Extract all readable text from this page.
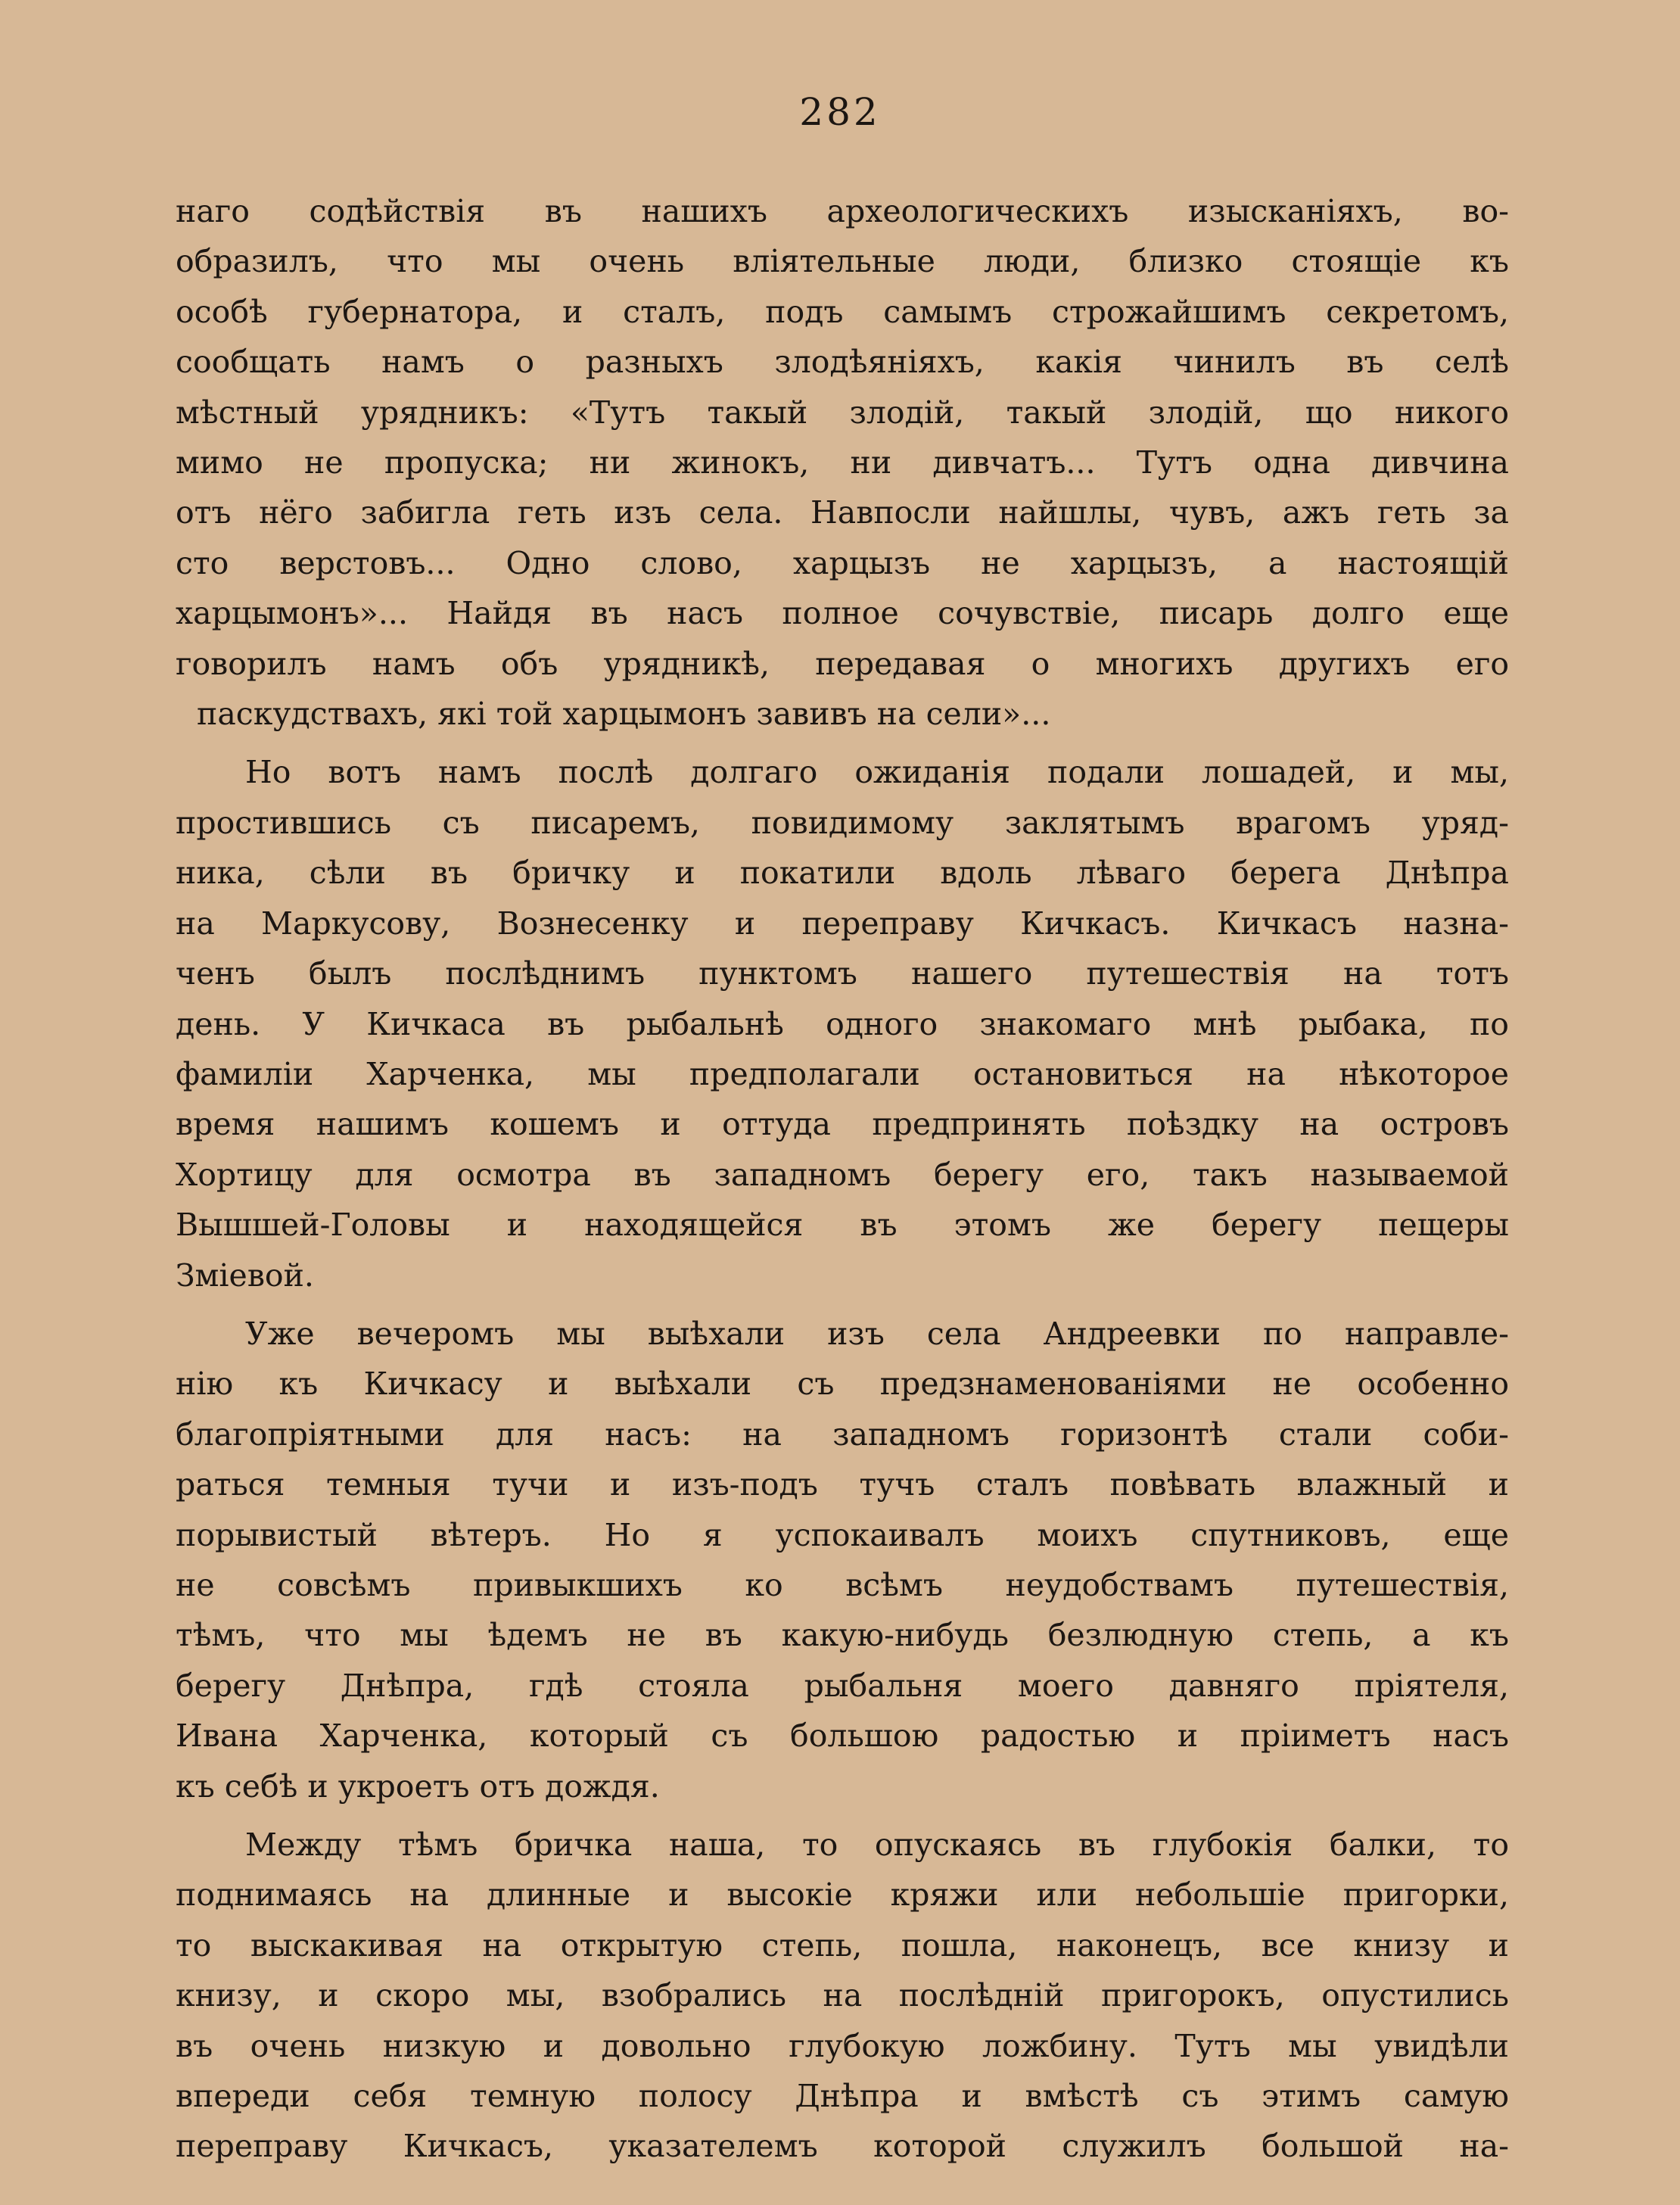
282
наго содѣйствія въ нашихъ археологическихъ изысканіяхъ, во-
образилъ, что мы очень вліятельные люди, близко стоящіе къ
особѣ губернатора, и сталъ, подъ самымъ строжайшимъ секретомъ,
сообщать намъ о разныхъ злодѣяніяхъ, какія чинилъ въ селѣ
мѣстный урядникъ: «Тутъ такый злодій, такый злодій, що никого
мимо не пропуска; ни жинокъ, ни дивчатъ... Тутъ одна дивчина
отъ нёго забигла геть изъ села. Навпосли найшлы, чувъ, ажъ геть за
сто верстовъ... Одно слово, харцызъ не харцызъ, а настоящій
харцымонъ»... Найдя въ насъ полное сочувствіе, писарь долго еще
говорилъ намъ объ урядникѣ, передавая о многихъ другихъ его
паскудствахъ, які той харцымонъ завивъ на сели»...
Но вотъ намъ послѣ долгаго ожиданія подали лошадей, и мы,
простившись съ писаремъ, повидимому заклятымъ врагомъ уряд-
ника, сѣли въ бричку и покатили вдоль лѣваго берега Днѣпра
на Маркусову, Вознесенку и переправу Кичкасъ. Кичкасъ назна-
ченъ былъ послѣднимъ пунктомъ нашего путешествія на тотъ
день. У Кичкаса въ рыбальнѣ одного знакомаго мнѣ рыбака, по
фамиліи Харченка, мы предполагали остановиться на нѣкоторое
время нашимъ кошемъ и оттуда предпринять поѣздку на островъ
Хортицу для осмотра въ западномъ берегу его, такъ называемой
Вышшей-Головы и находящейся въ этомъ же берегу пещеры
Зміевой.
Уже вечеромъ мы выѣхали изъ села Андреевки по направле-
нію къ Кичкасу и выѣхали съ предзнаменованіями не особенно
благопріятными для насъ: на западномъ горизонтѣ стали соби-
раться темныя тучи и изъ-подъ тучъ сталъ повѣвать влажный и
порывистый вѣтеръ. Но я успокаивалъ моихъ спутниковъ, еще
не совсѣмъ привыкшихъ ко всѣмъ неудобствамъ путешествія,
тѣмъ, что мы ѣдемъ не въ какую-нибудь безлюдную степь, а къ
берегу Днѣпра, гдѣ стояла рыбальня моего давняго пріятеля,
Ивана Харченка, который съ большою радостью и пріиметъ насъ
къ себѣ и укроетъ отъ дождя.
Между тѣмъ бричка наша, то опускаясь въ глубокія балки, то
поднимаясь на длинные и высокіе кряжи или небольшіе пригорки,
то выскакивая на открытую степь, пошла, наконецъ, все книзу и
книзу, и скоро мы, взобрались на послѣдній пригорокъ, опустились
въ очень низкую и довольно глубокую ложбину. Тутъ мы увидѣли
впереди себя темную полосу Днѣпра и вмѣстѣ съ этимъ самую
переправу Кичкасъ, указателемъ которой служилъ большой на-
